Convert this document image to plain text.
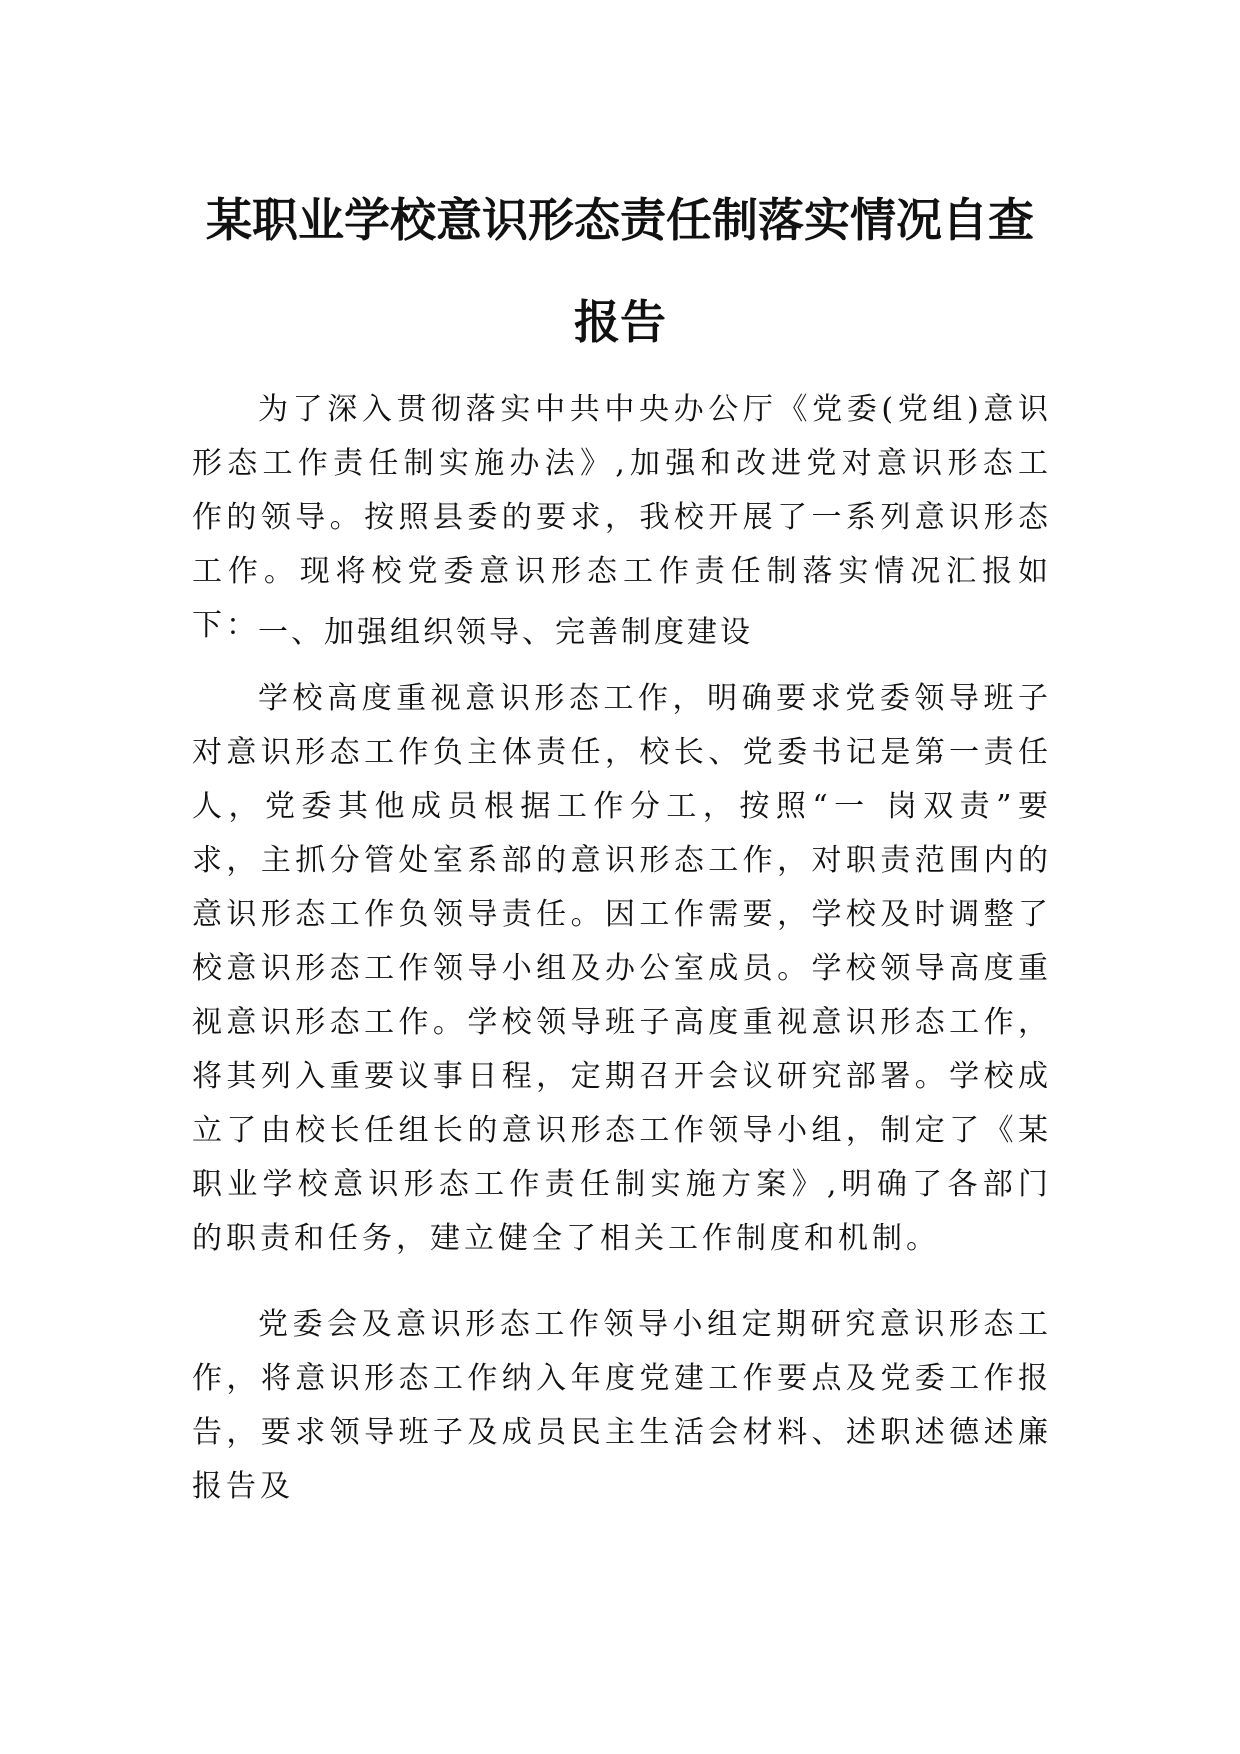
某职业学校意识形态责任制落实情况自查
报告

为了深入贯彻落实中共中央办公厅《党委(党组)意识形态工作责任制实施办法》,加强和改进党对意识形态工作的领导。按照县委的要求，我校开展了一系列意识形态工作。现将校党委意识形态工作责任制落实情况汇报如下：

一、加强组织领导、完善制度建设

学校高度重视意识形态工作，明确要求党委领导班子对意识形态工作负主体责任，校长、党委书记是第一责任人，党委其他成员根据工作分工，按照“一 岗双责”要求，主抓分管处室系部的意识形态工作，对职责范围内的意识形态工作负领导责任。因工作需要，学校及时调整了校意识形态工作领导小组及办公室成员。学校领导高度重视意识形态工作。学校领导班子高度重视意识形态工作，将其列入重要议事日程，定期召开会议研究部署。学校成立了由校长任组长的意识形态工作领导小组，制定了《某职业学校意识形态工作责任制实施方案》,明确了各部门的职责和任务，建立健全了相关工作制度和机制。

党委会及意识形态工作领导小组定期研究意识形态工作，将意识形态工作纳入年度党建工作要点及党委工作报告，要求领导班子及成员民主生活会材料、述职述德述廉报告及
